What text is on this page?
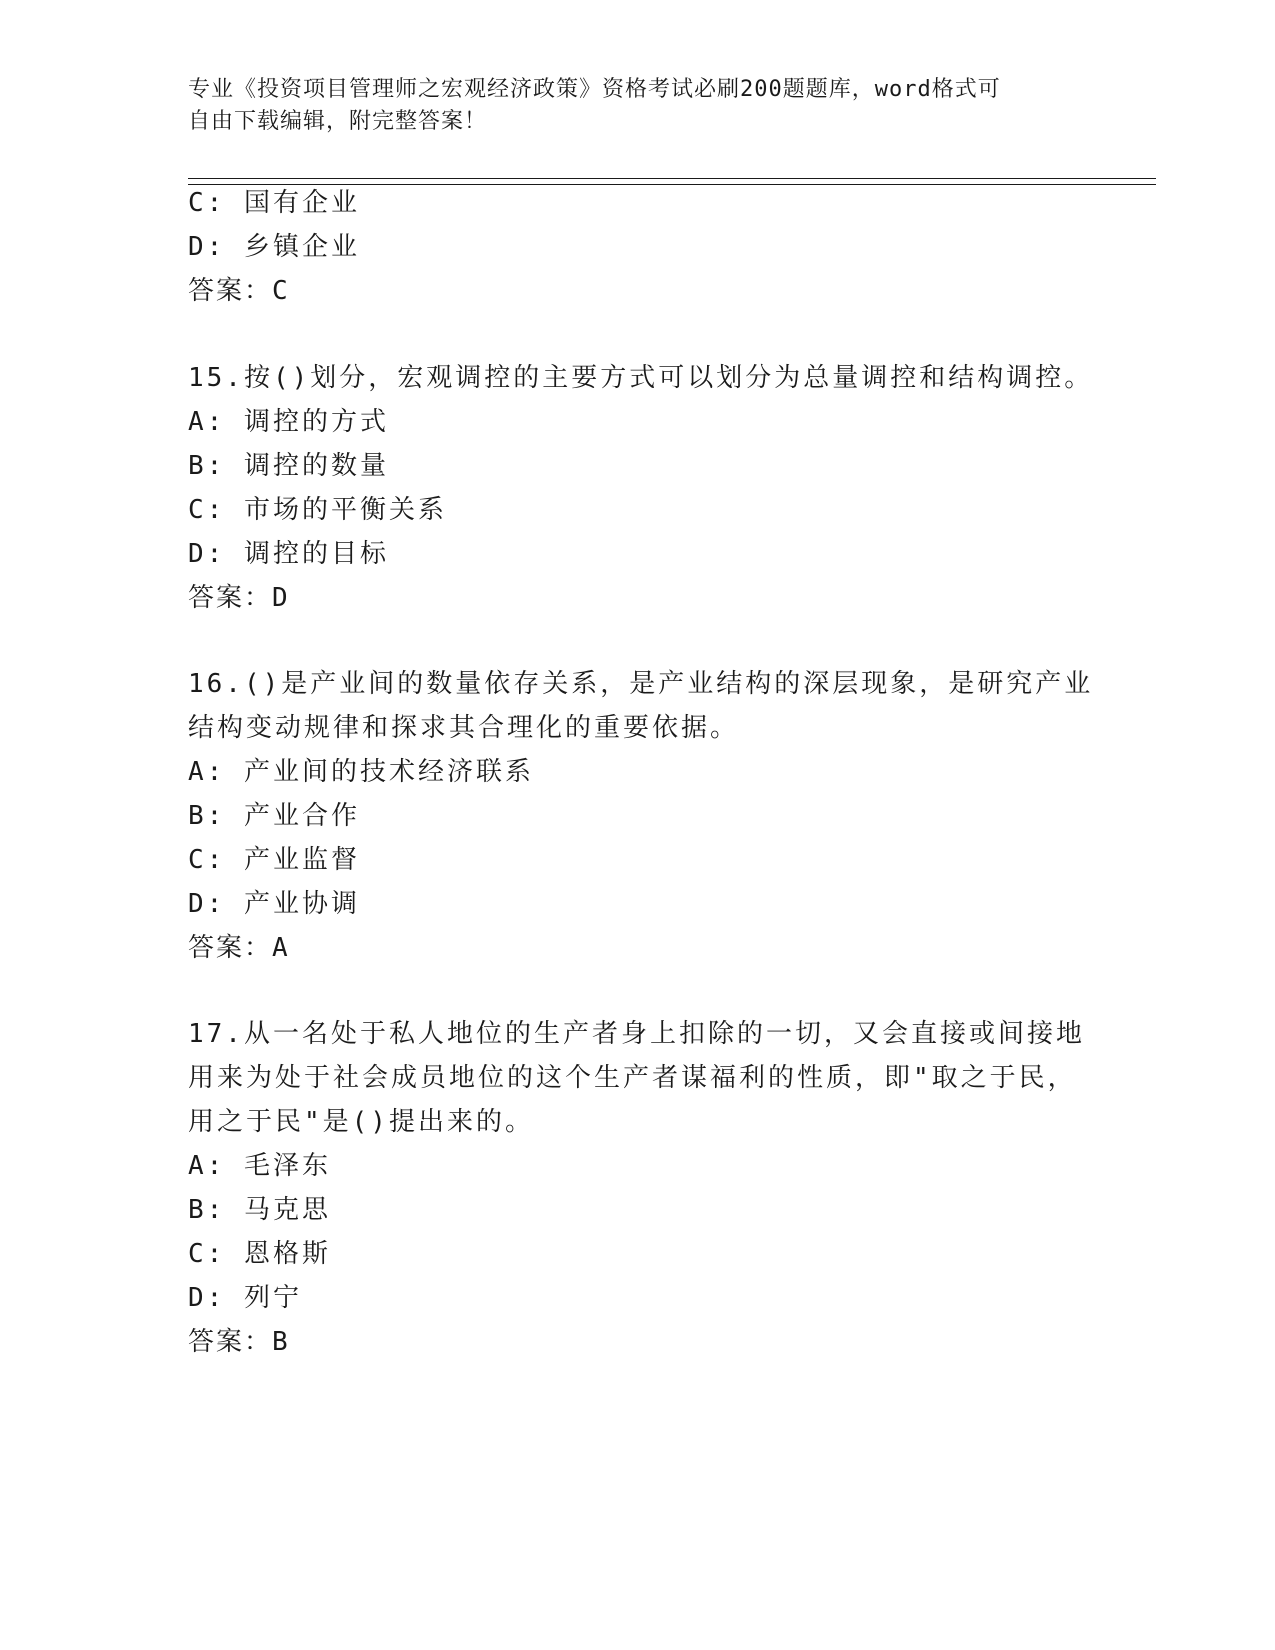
专业《投资项目管理师之宏观经济政策》资格考试必刷200题题库，word格式可
自由下载编辑，附完整答案！
C: 国有企业
D: 乡镇企业
答案：C
15.按()划分，宏观调控的主要方式可以划分为总量调控和结构调控。
A: 调控的方式
B: 调控的数量
C: 市场的平衡关系
D: 调控的目标
答案：D
16.()是产业间的数量依存关系，是产业结构的深层现象，是研究产业
结构变动规律和探求其合理化的重要依据。
A: 产业间的技术经济联系
B: 产业合作
C: 产业监督
D: 产业协调
答案：A
17.从一名处于私人地位的生产者身上扣除的一切，又会直接或间接地
用来为处于社会成员地位的这个生产者谋福利的性质，即"取之于民，
用之于民"是()提出来的。
A: 毛泽东
B: 马克思
C: 恩格斯
D: 列宁
答案：B
